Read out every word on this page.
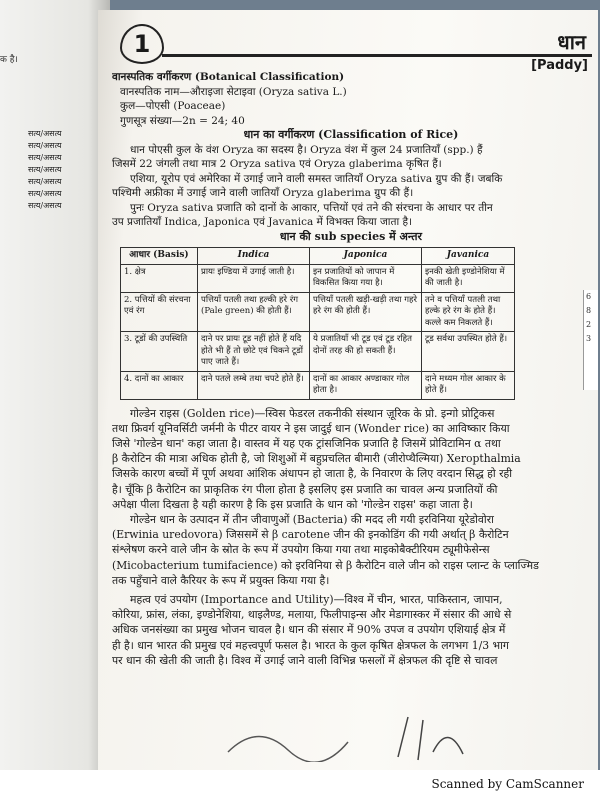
क है।
सत्य/असत्य
सत्य/असत्य
सत्य/असत्य
सत्य/असत्य
सत्य/असत्य
सत्य/असत्य
सत्य/असत्य
6
8
2
3
1	धान
[Paddy]
वानस्पतिक वर्गीकरण (Botanical Classification)
वानस्पतिक नाम—औराइजा सेटाइवा (Oryza sativa L.)
कुल—पोएसी (Poaceae)
गुणसूत्र संख्या—2n = 24; 40
धान का वर्गीकरण (Classification of Rice)
धान पोएसी कुल के वंश Oryza का सदस्य है। Oryza वंश में कुल 24 प्रजातियाँ (spp.) हैं
जिसमें 22 जंगली तथा मात्र 2 Oryza sativa एवं Oryza glaberima कृषित हैं।
एशिया, यूरोप एवं अमेरिका में उगाई जाने वाली समस्त जातियाँ Oryza sativa ग्रुप की हैं। जबकि
पश्चिमी अफ्रीका में उगाई जाने वाली जातियाँ Oryza glaberima ग्रुप की हैं।
पुनः Oryza sativa प्रजाति को दानों के आकार, पत्तियों एवं तने की संरचना के आधार पर तीन
उप प्रजातियाँ Indica, Japonica एवं Javanica में विभक्त किया जाता है।
धान की sub species में अन्तर
आधार (Basis)	Indica	Japonica	Javanica
1. क्षेत्र	प्रायः इण्डिया में उगाई जाती है।	इन प्रजातियों को जापान में विकसित किया गया है।	इनकी खेती इण्डोनेशिया में की जाती है।
2. पत्तियों की संरचना एवं रंग	पत्तियाँ पतली तथा हल्की हरे रंग (Pale green) की होती हैं।	पत्तियाँ पतली खड़ी-खड़ी तथा गहरे हरे रंग की होती हैं।	तने व पत्तियाँ पतली तथा हल्के हरे रंग के होते हैं। कल्ले कम निकलते हैं।
3. टूडों की उपस्थिति	दाने पर प्रायः टूड नहीं होते हैं यदि होते भी हैं तो छोटे एवं चिकने टूडों पाए जाते हैं।	ये प्रजातियाँ भी टूड एवं टूड रहित दोनों तरह की हो सकती हैं।	टूड सर्वथा उपस्थित होते हैं।
4. दानों का आकार	दाने पतले लम्बे तथा चपटे होते हैं।	दानों का आकार अण्डाकार गोल होता है।	दाने मध्यम गोल आकार के होते हैं।
गोल्डेन राइस (Golden rice)—स्विस फेडरल तकनीकी संस्थान ज़ूरिक के प्रो. इन्गो प्रोट्रिकस
तथा फ्रिवर्ग यूनिवर्सिटी जर्मनी के पीटर वायर ने इस जादुई धान (Wonder rice) का आविष्कार किया
जिसे 'गोल्डेन धान' कहा जाता है। वास्तव में यह एक ट्रांसजिनिक प्रजाति है जिसमें प्रोविटामिन α तथा
β कैरोटिन की मात्रा अधिक होती है, जो शिशुओं में बहुप्रचलित बीमारी (जीरोप्थैल्मिया) Xeropthalmia
जिसके कारण बच्चों में पूर्ण अथवा आंशिक अंधापन हो जाता है, के निवारण के लिए वरदान सिद्ध हो रही
है। चूँकि β कैरोटिन का प्राकृतिक रंग पीला होता है इसलिए इस प्रजाति का चावल अन्य प्रजातियों की
अपेक्षा पीला दिखता है यही कारण है कि इस प्रजाति के धान को 'गोल्डेन राइस' कहा जाता है।
गोल्डेन धान के उत्पादन में तीन जीवाणुओं (Bacteria) की मदद ली गयी इरविनिया यूरेडोवोरा
(Erwinia uredovora) जिससमें से β carotene जीन की इनकोडिंग की गयी अर्थात् β कैरोटिन
संश्लेषण करने वाले जीन के स्रोत के रूप में उपयोग किया गया तथा माइकोबैक्टीरियम ट्यूमीफेसेन्स
(Micobacterium tumifacience) को इरविनिया से β कैरोटिन वाले जीन को राइस प्लान्ट के प्लाज्मिड
तक पहुँचाने वाले कैरियर के रूप में प्रयुक्त किया गया है।
महत्व एवं उपयोग (Importance and Utility)—विश्व में चीन, भारत, पाकिस्तान, जापान,
कोरिया, फ्रांस, लंका, इण्डोनेशिया, थाइलैण्ड, मलाया, फिलीपाइन्स और मेडागास्कर में संसार की आधे से
अधिक जनसंख्या का प्रमुख भोजन चावल है। धान की संसार में 90% उपज व उपयोग एशियाई क्षेत्र में
ही है। धान भारत की प्रमुख एवं महत्त्वपूर्ण फसल है। भारत के कुल कृषित क्षेत्रफल के लगभग 1/3 भाग
पर धान की खेती की जाती है। विश्व में उगाई जाने वाली विभिन्न फसलों में क्षेत्रफल की दृष्टि से चावल
Scanned by CamScanner
